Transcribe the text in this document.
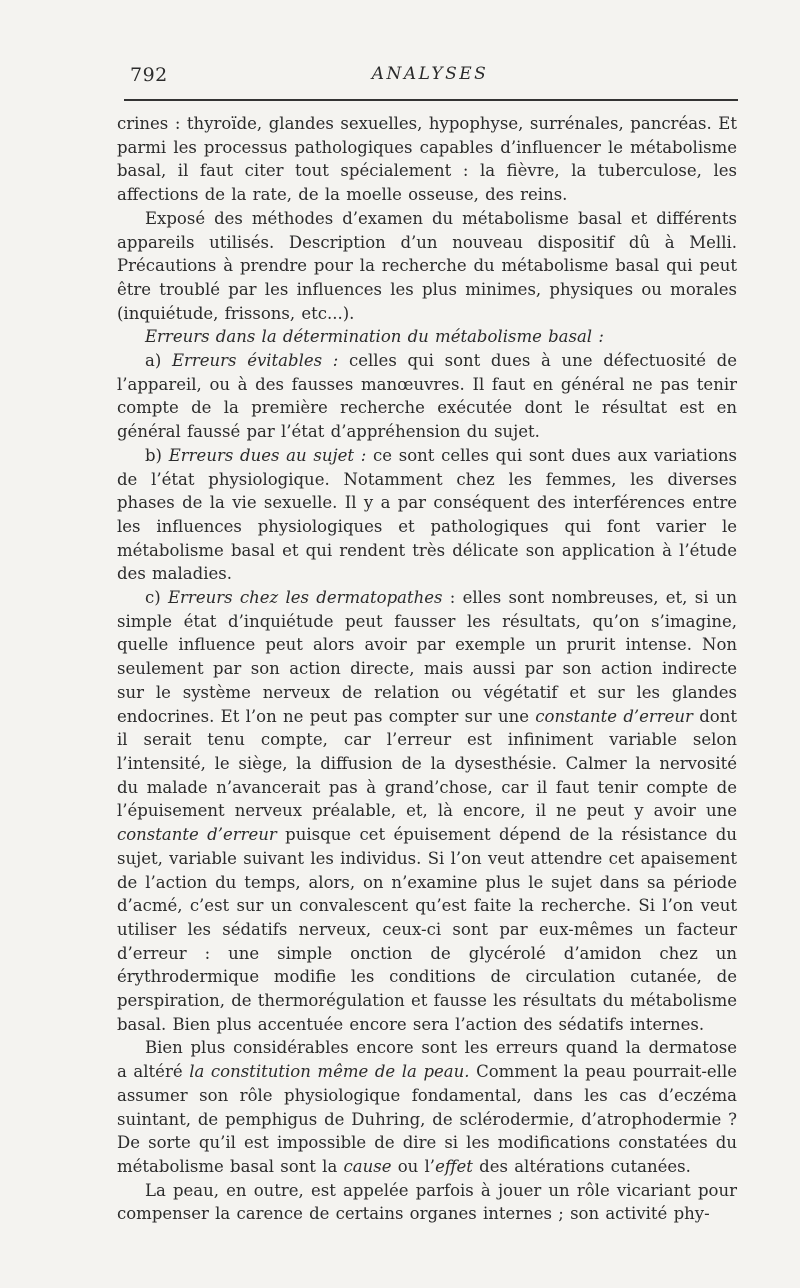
792	ANALYSES

crines : thyroïde, glandes sexuelles, hypophyse, surrénales, pancréas. Et parmi les processus pathologiques capables d’influencer le métabolisme basal, il faut citer tout spécialement : la fièvre, la tuberculose, les affections de la rate, de la moelle osseuse, des reins.

Exposé des méthodes d’examen du métabolisme basal et différents appareils utilisés. Description d’un nouveau dispositif dû à Melli. Précautions à prendre pour la recherche du métabolisme basal qui peut être troublé par les influences les plus minimes, physiques ou morales (inquiétude, frissons, etc...).

Erreurs dans la détermination du métabolisme basal :

a) Erreurs évitables : celles qui sont dues à une défectuosité de l’appareil, ou à des fausses manœuvres. Il faut en général ne pas tenir compte de la première recherche exécutée dont le résultat est en général faussé par l’état d’appréhension du sujet.

b) Erreurs dues au sujet : ce sont celles qui sont dues aux variations de l’état physiologique. Notamment chez les femmes, les diverses phases de la vie sexuelle. Il y a par conséquent des interférences entre les influences physiologiques et pathologiques qui font varier le métabolisme basal et qui rendent très délicate son application à l’étude des maladies.

c) Erreurs chez les dermatopathes : elles sont nombreuses, et, si un simple état d’inquiétude peut fausser les résultats, qu’on s’imagine, quelle influence peut alors avoir par exemple un prurit intense. Non seulement par son action directe, mais aussi par son action indirecte sur le système nerveux de relation ou végétatif et sur les glandes endocrines. Et l’on ne peut pas compter sur une constante d’erreur dont il serait tenu compte, car l’erreur est infiniment variable selon l’intensité, le siège, la diffusion de la dysesthésie. Calmer la nervosité du malade n’avancerait pas à grand’chose, car il faut tenir compte de l’épuisement nerveux préalable, et, là encore, il ne peut y avoir une constante d’erreur puisque cet épuisement dépend de la résistance du sujet, variable suivant les individus. Si l’on veut attendre cet apaisement de l’action du temps, alors, on n’examine plus le sujet dans sa période d’acmé, c’est sur un convalescent qu’est faite la recherche. Si l’on veut utiliser les sédatifs nerveux, ceux-ci sont par eux-mêmes un facteur d’erreur : une simple onction de glycérolé d’amidon chez un érythrodermique modifie les conditions de circulation cutanée, de perspiration, de thermorégulation et fausse les résultats du métabolisme basal. Bien plus accentuée encore sera l’action des sédatifs internes.

Bien plus considérables encore sont les erreurs quand la dermatose a altéré la constitution même de la peau. Comment la peau pourrait-elle assumer son rôle physiologique fondamental, dans les cas d’eczéma suintant, de pemphigus de Duhring, de sclérodermie, d’atrophodermie ? De sorte qu’il est impossible de dire si les modifications constatées du métabolisme basal sont la cause ou l’effet des altérations cutanées.

La peau, en outre, est appelée parfois à jouer un rôle vicariant pour compenser la carence de certains organes internes ; son activité phy-
